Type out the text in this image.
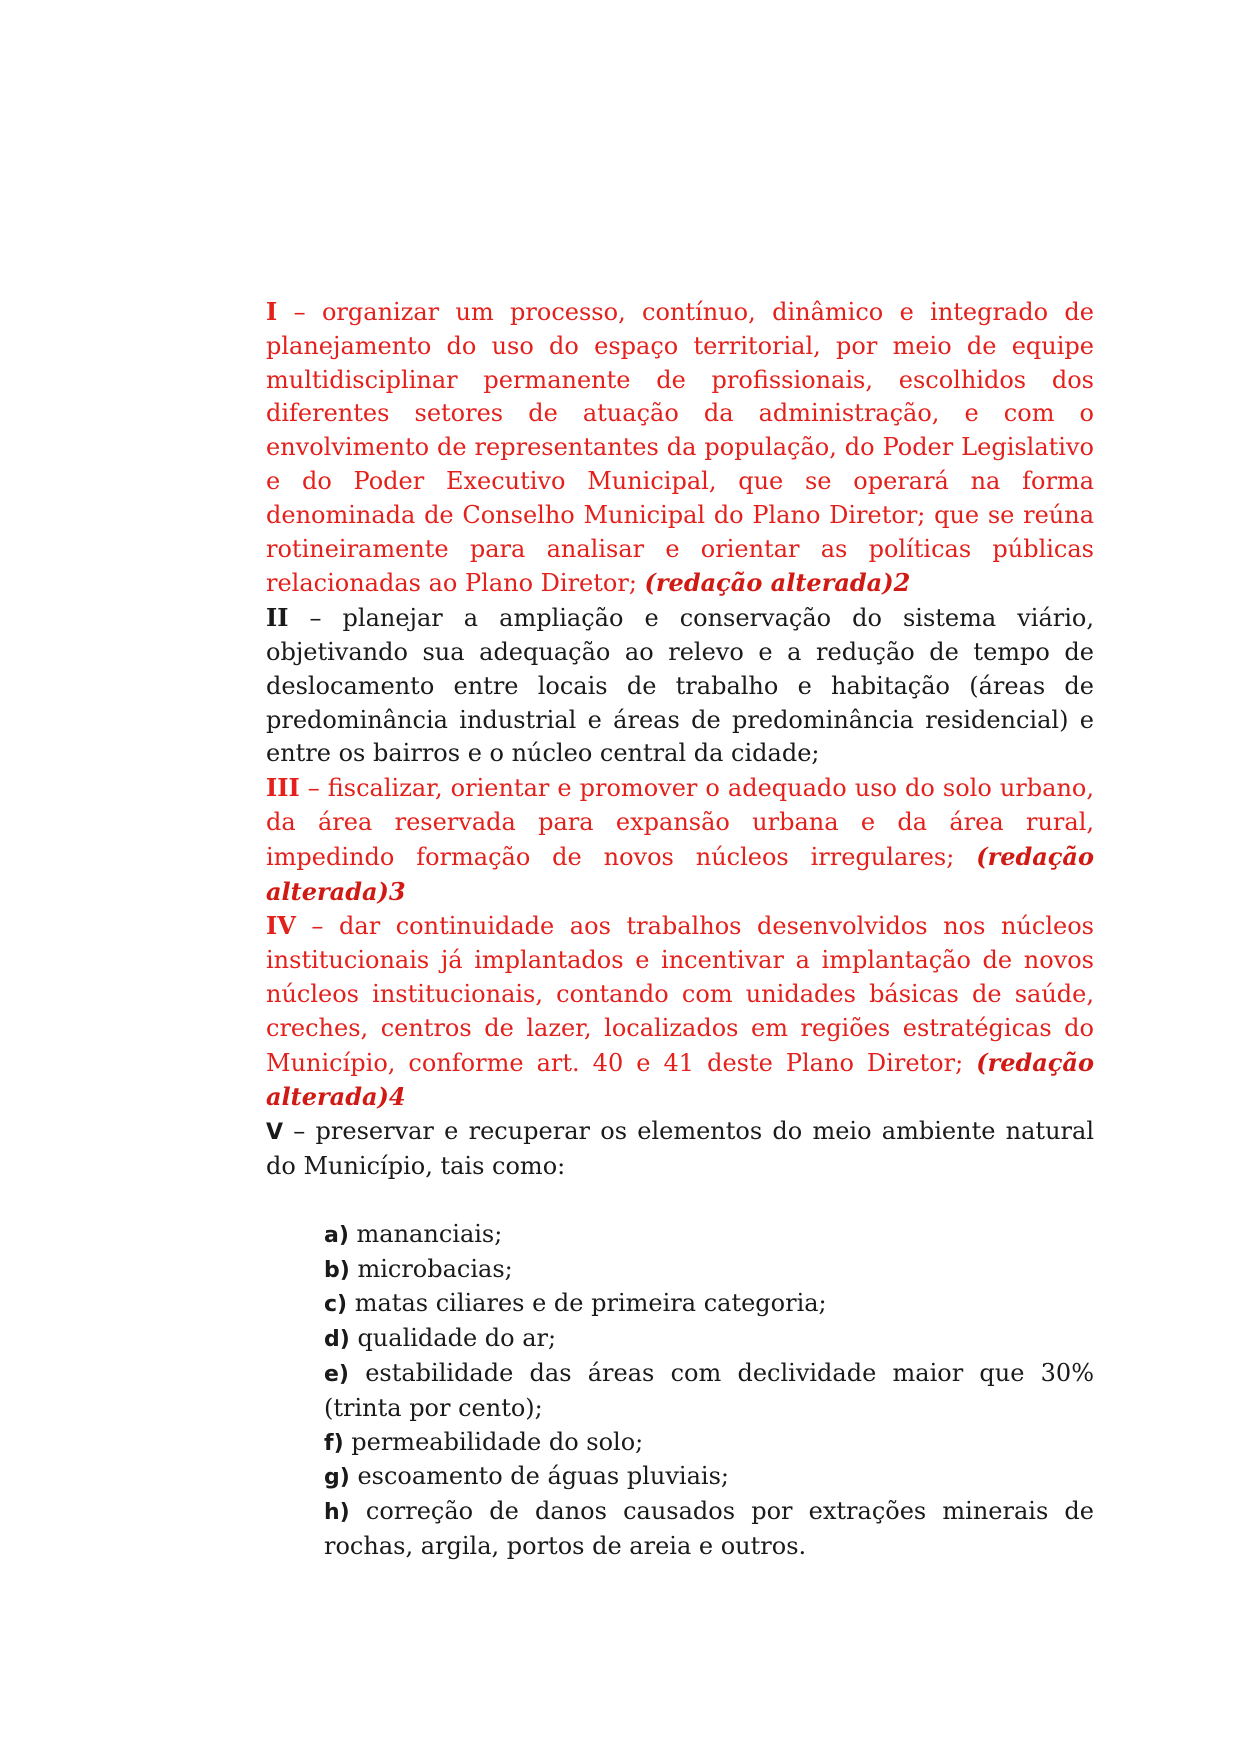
I – organizar um processo, contínuo, dinâmico e integrado de planejamento do uso do espaço territorial, por meio de equipe multidisciplinar permanente de profissionais, escolhidos dos diferentes setores de atuação da administração, e com o envolvimento de representantes da população, do Poder Legislativo e do Poder Executivo Municipal, que se operará na forma denominada de Conselho Municipal do Plano Diretor; que se reúna rotineiramente para analisar e orientar as políticas públicas relacionadas ao Plano Diretor; (redação alterada)2

II – planejar a ampliação e conservação do sistema viário, objetivando sua adequação ao relevo e a redução de tempo de deslocamento entre locais de trabalho e habitação (áreas de predominância industrial e áreas de predominância residencial) e entre os bairros e o núcleo central da cidade;

III – fiscalizar, orientar e promover o adequado uso do solo urbano, da área reservada para expansão urbana e da área rural, impedindo formação de novos núcleos irregulares; (redação alterada)3

IV – dar continuidade aos trabalhos desenvolvidos nos núcleos institucionais já implantados e incentivar a implantação de novos núcleos institucionais, contando com unidades básicas de saúde, creches, centros de lazer, localizados em regiões estratégicas do Município, conforme art. 40 e 41 deste Plano Diretor; (redação alterada)4

V – preservar e recuperar os elementos do meio ambiente natural do Município, tais como:

a) mananciais;

b) microbacias;

c) matas ciliares e de primeira categoria;

d) qualidade do ar;

e) estabilidade das áreas com declividade maior que 30% (trinta por cento);

f) permeabilidade do solo;

g) escoamento de águas pluviais;

h) correção de danos causados por extrações minerais de rochas, argila, portos de areia e outros.
